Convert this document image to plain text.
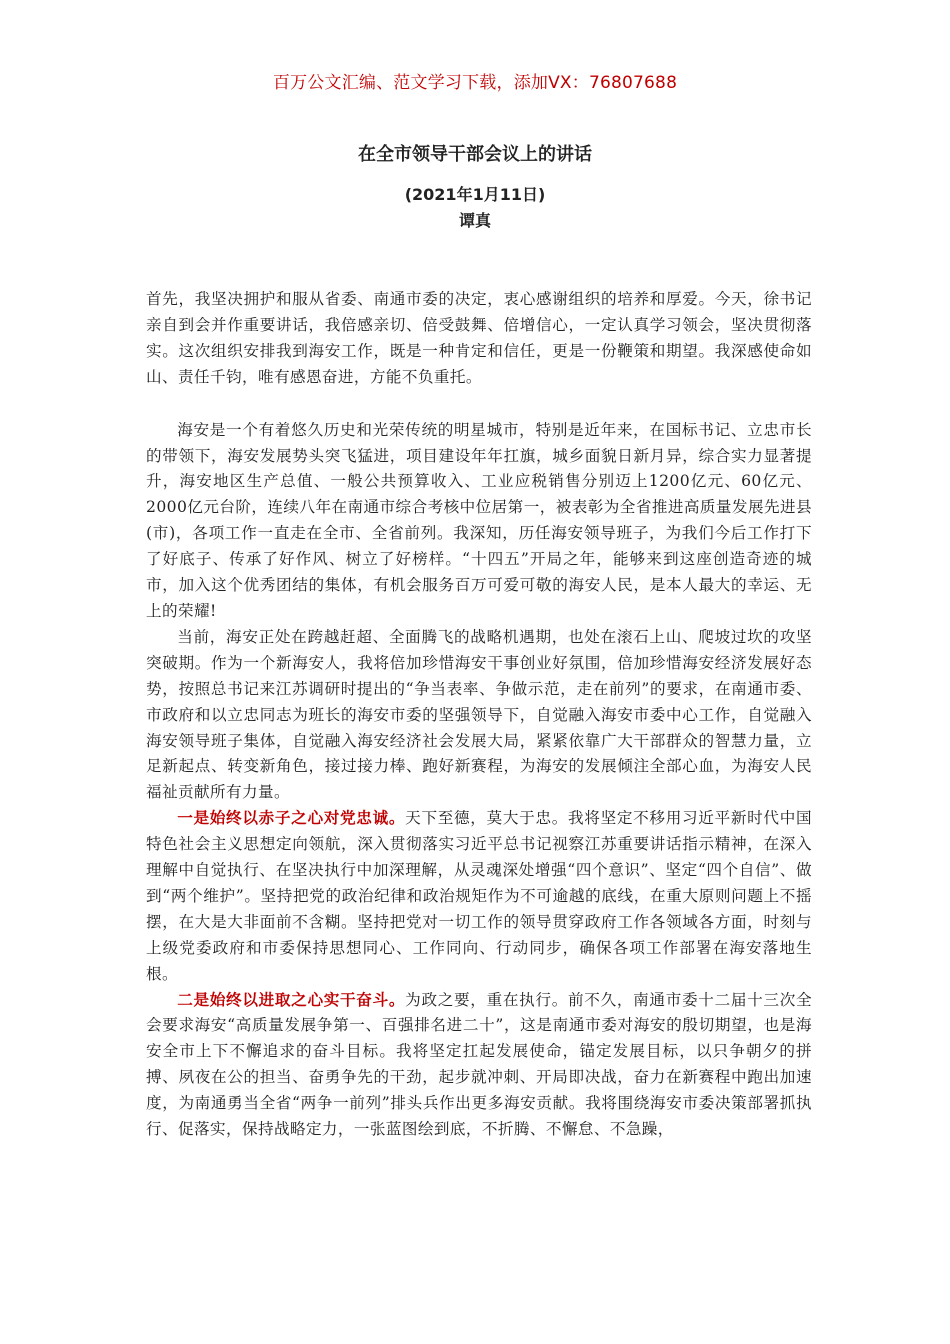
百万公文汇编、范文学习下载，添加VX：76807688
在全市领导干部会议上的讲话
(2021年1月11日)
谭真

首先，我坚决拥护和服从省委、南通市委的决定，衷心感谢组织的培养和厚爱。今天，徐书记亲自到会并作重要讲话，我倍感亲切、倍受鼓舞、倍增信心，一定认真学习领会，坚决贯彻落实。这次组织安排我到海安工作，既是一种肯定和信任，更是一份鞭策和期望。我深感使命如山、责任千钧，唯有感恩奋进，方能不负重托。

海安是一个有着悠久历史和光荣传统的明星城市，特别是近年来，在国标书记、立忠市长的带领下，海安发展势头突飞猛进，项目建设年年扛旗，城乡面貌日新月异，综合实力显著提升，海安地区生产总值、一般公共预算收入、工业应税销售分别迈上1200亿元、60亿元、2000亿元台阶，连续八年在南通市综合考核中位居第一，被表彰为全省推进高质量发展先进县(市)，各项工作一直走在全市、全省前列。我深知，历任海安领导班子，为我们今后工作打下了好底子、传承了好作风、树立了好榜样。“十四五”开局之年，能够来到这座创造奇迹的城市，加入这个优秀团结的集体，有机会服务百万可爱可敬的海安人民，是本人最大的幸运、无上的荣耀!

当前，海安正处在跨越赶超、全面腾飞的战略机遇期，也处在滚石上山、爬坡过坎的攻坚突破期。作为一个新海安人，我将倍加珍惜海安干事创业好氛围，倍加珍惜海安经济发展好态势，按照总书记来江苏调研时提出的“争当表率、争做示范，走在前列”的要求，在南通市委、市政府和以立忠同志为班长的海安市委的坚强领导下，自觉融入海安市委中心工作，自觉融入海安领导班子集体，自觉融入海安经济社会发展大局，紧紧依靠广大干部群众的智慧力量，立足新起点、转变新角色，接过接力棒、跑好新赛程，为海安的发展倾注全部心血，为海安人民福祉贡献所有力量。

一是始终以赤子之心对党忠诚。天下至德，莫大于忠。我将坚定不移用习近平新时代中国特色社会主义思想定向领航，深入贯彻落实习近平总书记视察江苏重要讲话指示精神，在深入理解中自觉执行、在坚决执行中加深理解，从灵魂深处增强“四个意识”、坚定“四个自信”、做到“两个维护”。坚持把党的政治纪律和政治规矩作为不可逾越的底线，在重大原则问题上不摇摆，在大是大非面前不含糊。坚持把党对一切工作的领导贯穿政府工作各领域各方面，时刻与上级党委政府和市委保持思想同心、工作同向、行动同步，确保各项工作部署在海安落地生根。

二是始终以进取之心实干奋斗。为政之要，重在执行。前不久，南通市委十二届十三次全会要求海安“高质量发展争第一、百强排名进二十”，这是南通市委对海安的殷切期望，也是海安全市上下不懈追求的奋斗目标。我将坚定扛起发展使命，锚定发展目标，以只争朝夕的拼搏、夙夜在公的担当、奋勇争先的干劲，起步就冲刺、开局即决战，奋力在新赛程中跑出加速度，为南通勇当全省“两争一前列”排头兵作出更多海安贡献。我将围绕海安市委决策部署抓执行、促落实，保持战略定力，一张蓝图绘到底，不折腾、不懈怠、不急躁，
